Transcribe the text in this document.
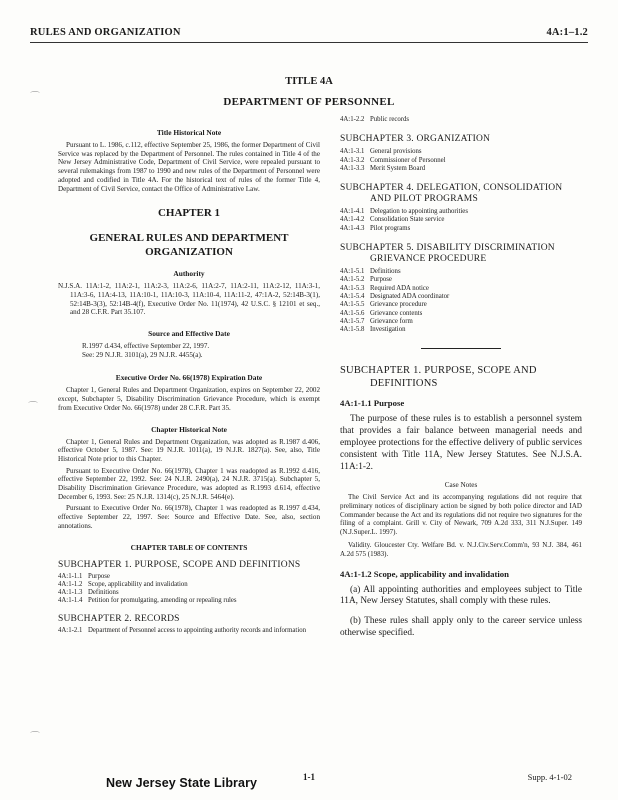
RULES AND ORGANIZATION	4A:1–1.2
TITLE 4A
DEPARTMENT OF PERSONNEL
⌒
⌒
⌒
Title Historical Note

Pursuant to L. 1986, c.112, effective September 25, 1986, the former Department of Civil Service was replaced by the Department of Personnel. The rules contained in Title 4 of the New Jersey Administrative Code, Department of Civil Service, were repealed pursuant to several rulemakings from 1987 to 1990 and new rules of the Department of Personnel were adopted and codified in Title 4A. For the historical text of rules of the former Title 4, Department of Civil Service, contact the Office of Administrative Law.

CHAPTER 1
GENERAL RULES AND DEPARTMENT ORGANIZATION
Authority

N.J.S.A. 11A:1-2, 11A:2-1, 11A:2-3, 11A:2-6, 11A:2-7, 11A:2-11, 11A:2-12, 11A:3-1, 11A:3-6, 11A:4-13, 11A:10-1, 11A:10-3, 11A:10-4, 11A:11-2, 47:1A-2, 52:14B-3(1), 52:14B-3(3), 52:14B-4(f), Executive Order No. 11(1974), 42 U.S.C. § 12101 et seq., and 28 C.F.R. Part 35.107.

Source and Effective Date

R.1997 d.434, effective September 22, 1997.

See: 29 N.J.R. 3101(a), 29 N.J.R. 4455(a).

Executive Order No. 66(1978) Expiration Date

Chapter 1, General Rules and Department Organization, expires on September 22, 2002 except, Subchapter 5, Disability Discrimination Grievance Procedure, which is exempt from Executive Order No. 66(1978) under 28 C.F.R. Part 35.

Chapter Historical Note

Chapter 1, General Rules and Department Organization, was adopted as R.1987 d.406, effective October 5, 1987. See: 19 N.J.R. 1011(a), 19 N.J.R. 1827(a). See, also, Title Historical Note prior to this Chapter.

Pursuant to Executive Order No. 66(1978), Chapter 1 was readopted as R.1992 d.416, effective September 22, 1992. See: 24 N.J.R. 2490(a), 24 N.J.R. 3715(a). Subchapter 5, Disability Discrimination Grievance Procedure, was adopted as R.1993 d.614, effective December 6, 1993. See: 25 N.J.R. 1314(c), 25 N.J.R. 5464(e).

Pursuant to Executive Order No. 66(1978), Chapter 1 was readopted as R.1997 d.434, effective September 22, 1997. See: Source and Effective Date. See, also, section annotations.

CHAPTER TABLE OF CONTENTS
SUBCHAPTER 1. PURPOSE, SCOPE AND DEFINITIONS
4A:1-1.1 Purpose
4A:1-1.2 Scope, applicability and invalidation
4A:1-1.3 Definitions
4A:1-1.4 Petition for promulgating, amending or repealing rules
SUBCHAPTER 2. RECORDS
4A:1-2.1 Department of Personnel access to appointing authority records and information
4A:1-2.2 Public records
SUBCHAPTER 3. ORGANIZATION
4A:1-3.1 General provisions
4A:1-3.2 Commissioner of Personnel
4A:1-3.3 Merit System Board
SUBCHAPTER 4. DELEGATION, CONSOLIDATION
AND PILOT PROGRAMS
4A:1-4.1 Delegation to appointing authorities
4A:1-4.2 Consolidation State service
4A:1-4.3 Pilot programs
SUBCHAPTER 5. DISABILITY DISCRIMINATION
GRIEVANCE PROCEDURE
4A:1-5.1 Definitions
4A:1-5.2 Purpose
4A:1-5.3 Required ADA notice
4A:1-5.4 Designated ADA coordinator
4A:1-5.5 Grievance procedure
4A:1-5.6 Grievance contents
4A:1-5.7 Grievance form
4A:1-5.8 Investigation
SUBCHAPTER 1. PURPOSE, SCOPE AND
DEFINITIONS
4A:1-1.1 Purpose

The purpose of these rules is to establish a personnel system that provides a fair balance between managerial needs and employee protections for the effective delivery of public services consistent with Title 11A, New Jersey Statutes. See N.J.S.A. 11A:1-2.

Case Notes

The Civil Service Act and its accompanying regulations did not require that preliminary notices of disciplinary action be signed by both police director and IAD Commander because the Act and its regulations did not require two signatures for the filing of a complaint. Grill v. City of Newark, 709 A.2d 333, 311 N.J.Super. 149 (N.J.Super.L. 1997).

Validity. Gloucester Cty. Welfare Bd. v. N.J.Civ.Serv.Comm'n, 93 N.J. 384, 461 A.2d 575 (1983).

4A:1-1.2 Scope, applicability and invalidation

(a) All appointing authorities and employees subject to Title 11A, New Jersey Statutes, shall comply with these rules.

(b) These rules shall apply only to the career service unless otherwise specified.

1-1	Supp. 4-1-02
New Jersey State Library
